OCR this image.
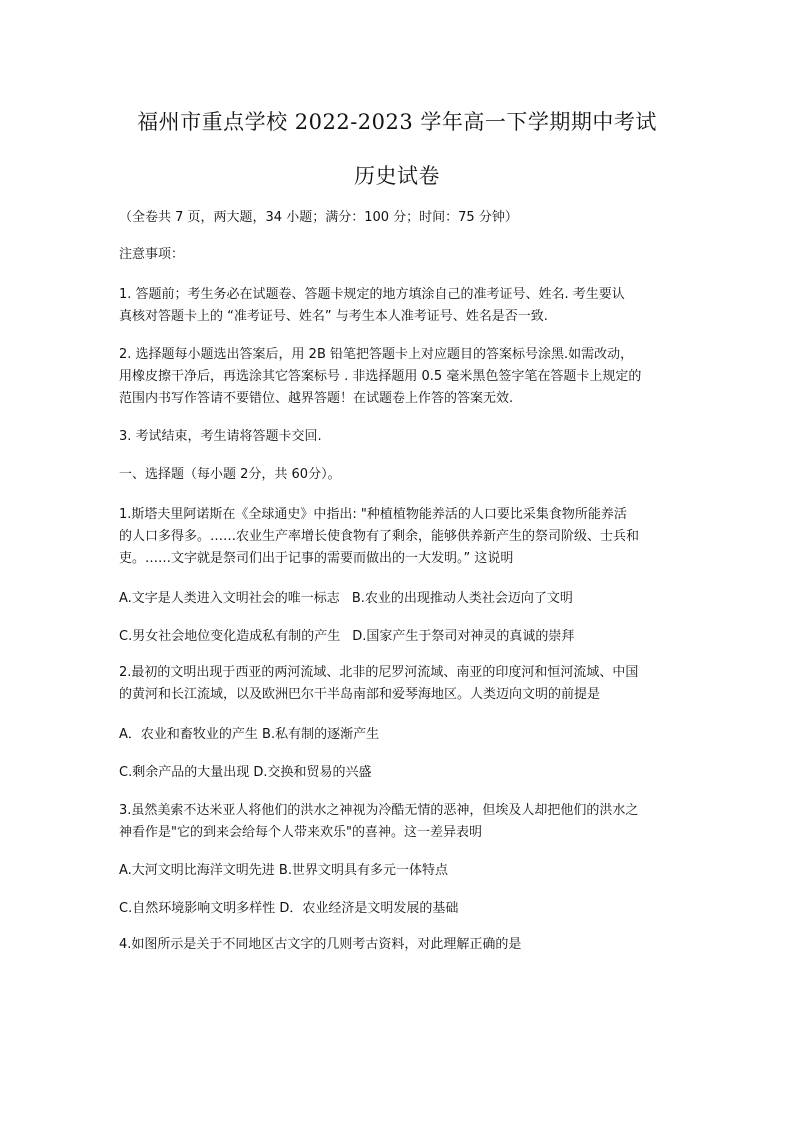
福州市重点学校 2022-2023 学年高一下学期期中考试
历史试卷

（全卷共 7 页，两大题，34 小题；满分：100 分；时间：75 分钟）

注意事项：

1. 答题前；考生务必在试题卷、答题卡规定的地方填涂自己的准考证号、姓名. 考生要认
真核对答题卡上的 “准考证号、姓名” 与考生本人准考证号、姓名是否一致.

2. 选择题每小题选出答案后，用 2B 铅笔把答题卡上对应题目的答案标号涂黑.如需改动，
用橡皮擦干净后，再选涂其它答案标号 . 非选择题用 0.5 毫米黑色签字笔在答题卡上规定的
范围内书写作答请不要错位、越界答题！在试题卷上作答的答案无效.

3. 考试结束，考生请将答题卡交回.

一、选择题（每小题 2分，共 60分）。

1.斯塔夫里阿诺斯在《全球通史》中指出: "种植植物能养活的人口要比采集食物所能养活
的人口多得多。……农业生产率增长使食物有了剩余，能够供养新产生的祭司阶级、士兵和
吏。……文字就是祭司们出于记事的需要而做出的一大发明。” 这说明

A.文字是人类进入文明社会的唯一标志 B.农业的出现推动人类社会迈向了文明

C.男女社会地位变化造成私有制的产生 D.国家产生于祭司对神灵的真诚的崇拜

2.最初的文明出现于西亚的两河流域、北非的尼罗河流域、南亚的印度河和恒河流域、中国
的黄河和长江流域，以及欧洲巴尔干半岛南部和爱琴海地区。人类迈向文明的前提是

A．农业和畜牧业的产生 B.私有制的逐渐产生

C.剩余产品的大量出现 D.交换和贸易的兴盛

3.虽然美索不达米亚人将他们的洪水之神视为冷酷无情的恶神，但埃及人却把他们的洪水之
神看作是"它的到来会给每个人带来欢乐"的喜神。这一差异表明

A.大河文明比海洋文明先进 B.世界文明具有多元一体特点

C.自然环境影响文明多样性 D．农业经济是文明发展的基础

4.如图所示是关于不同地区古文字的几则考古资料，对此理解正确的是
